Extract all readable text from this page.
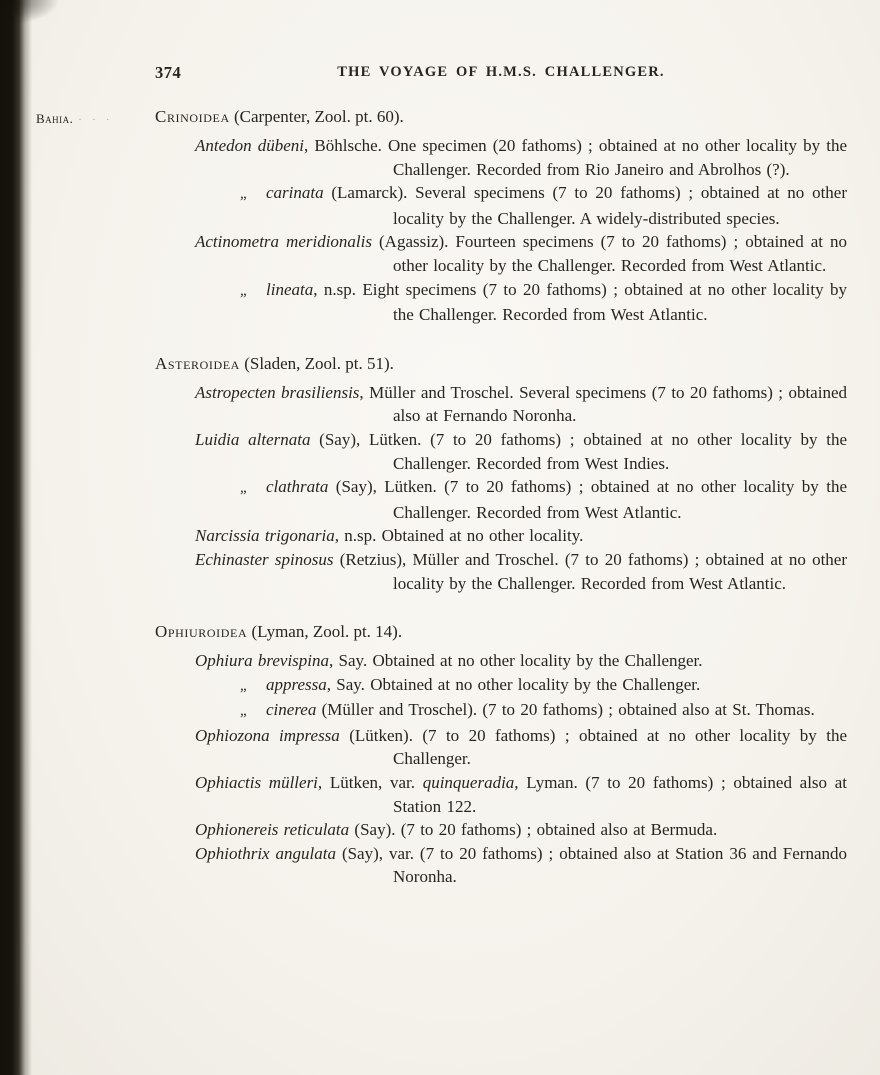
374	THE VOYAGE OF H.M.S. CHALLENGER.
Bahia. · · · Crinoidea (Carpenter, Zool. pt. 60).

Antedon dübeni, Böhlsche. One specimen (20 fathoms) ; obtained at no other locality by the Challenger. Recorded from Rio Janeiro and Abrolhos (?).

„ carinata (Lamarck). Several specimens (7 to 20 fathoms) ; obtained at no other locality by the Challenger. A widely-distributed species.

Actinometra meridionalis (Agassiz). Fourteen specimens (7 to 20 fathoms) ; obtained at no other locality by the Challenger. Recorded from West Atlantic.

„ lineata, n.sp. Eight specimens (7 to 20 fathoms) ; obtained at no other locality by the Challenger. Recorded from West Atlantic.

Asteroidea (Sladen, Zool. pt. 51).

Astropecten brasiliensis, Müller and Troschel. Several specimens (7 to 20 fathoms) ; obtained also at Fernando Noronha.

Luidia alternata (Say), Lütken. (7 to 20 fathoms) ; obtained at no other locality by the Challenger. Recorded from West Indies.

„ clathrata (Say), Lütken. (7 to 20 fathoms) ; obtained at no other locality by the Challenger. Recorded from West Atlantic.

Narcissia trigonaria, n.sp. Obtained at no other locality.

Echinaster spinosus (Retzius), Müller and Troschel. (7 to 20 fathoms) ; obtained at no other locality by the Challenger. Recorded from West Atlantic.

Ophiuroidea (Lyman, Zool. pt. 14).

Ophiura brevispina, Say. Obtained at no other locality by the Challenger.

„ appressa, Say. Obtained at no other locality by the Challenger.

„ cinerea (Müller and Troschel). (7 to 20 fathoms) ; obtained also at St. Thomas.

Ophiozona impressa (Lütken). (7 to 20 fathoms) ; obtained at no other locality by the Challenger.

Ophiactis mülleri, Lütken, var. quinqueradia, Lyman. (7 to 20 fathoms) ; obtained also at Station 122.

Ophionereis reticulata (Say). (7 to 20 fathoms) ; obtained also at Bermuda.

Ophiothrix angulata (Say), var. (7 to 20 fathoms) ; obtained also at Station 36 and Fernando Noronha.
